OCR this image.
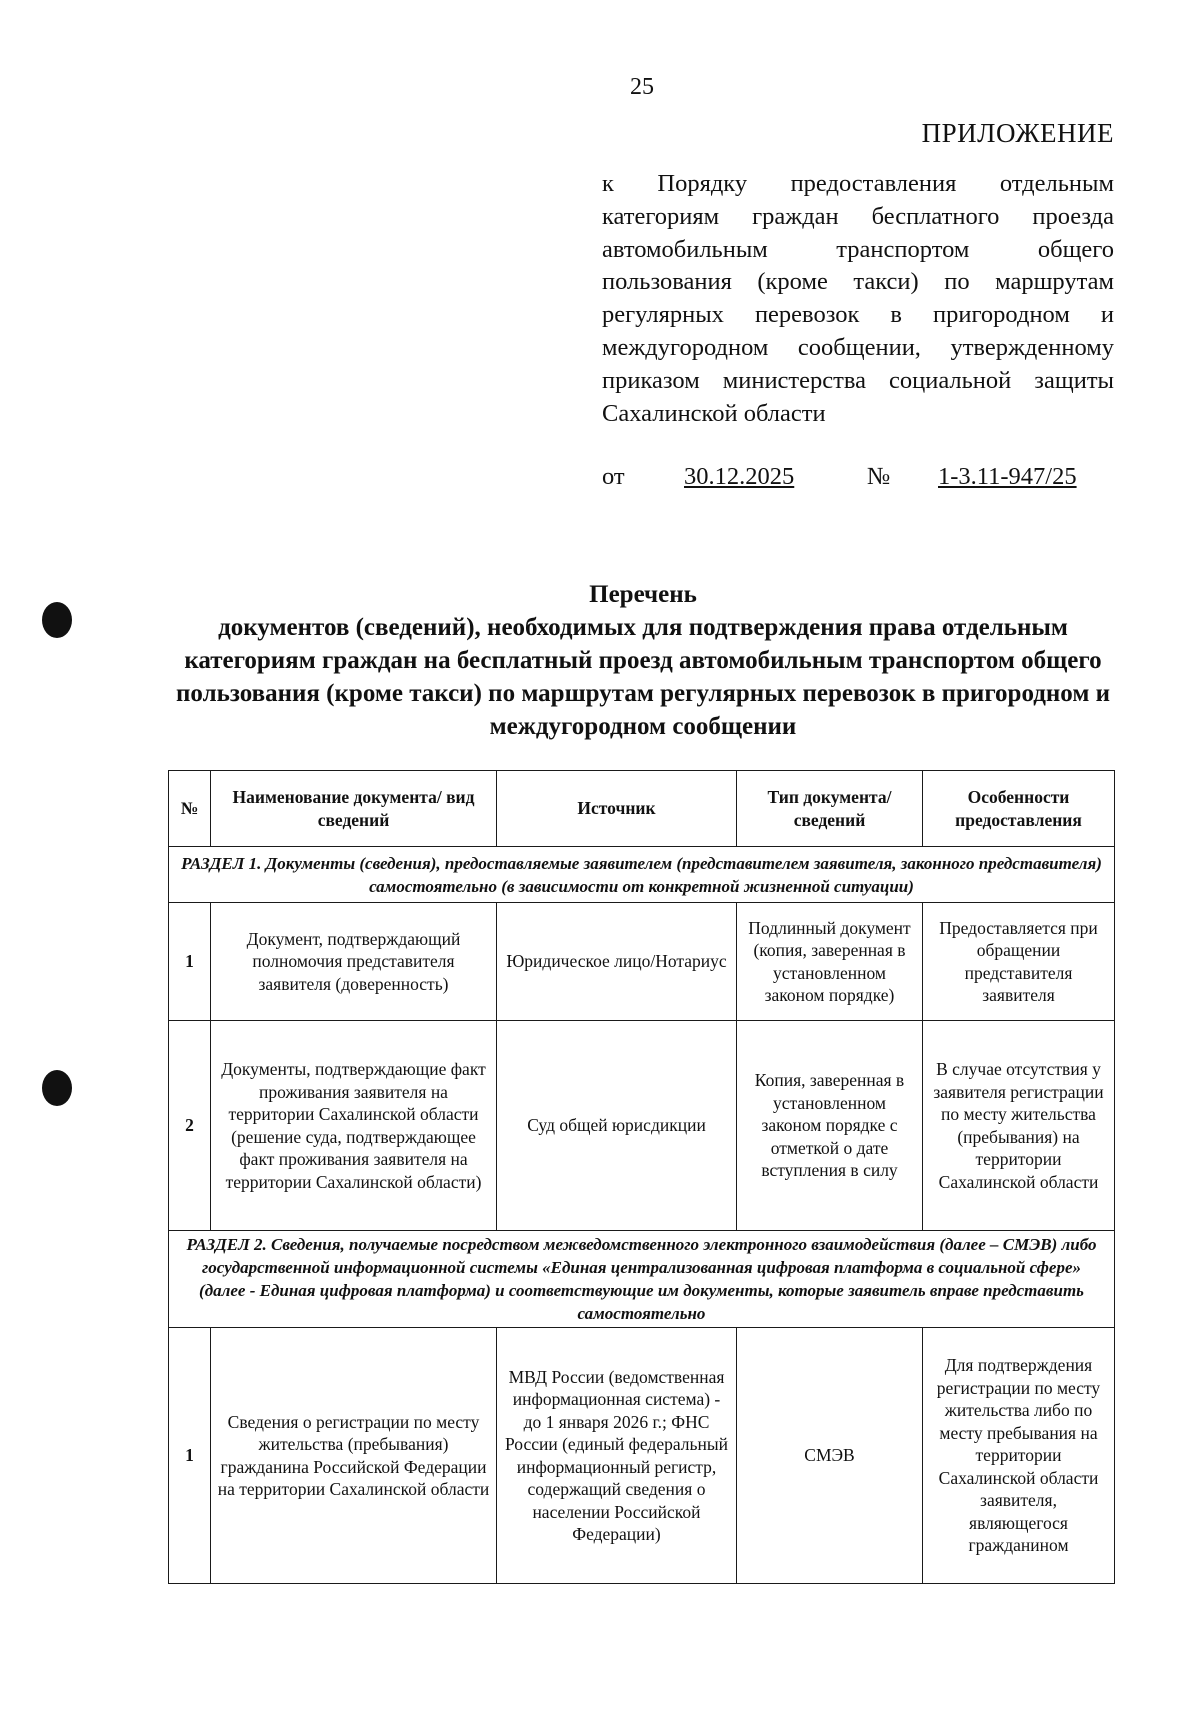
25
ПРИЛОЖЕНИЕ
к Порядку предоставления отдельным категориям граждан бесплатного проезда автомобильным транспортом общего пользования (кроме такси) по маршрутам регулярных перевозок в пригородном и междугородном сообщении, утвержденному приказом министерства социальной защиты Сахалинской области
от 30.12.2025	№ 1-3.11-947/25
Перечень
документов (сведений), необходимых для подтверждения права отдельным категориям граждан на бесплатный проезд автомобильным транспортом общего пользования (кроме такси) по маршрутам регулярных перевозок в пригородном и междугородном сообщении
№	Наименование документа/ вид сведений	Источник	Тип документа/ сведений	Особенности предоставления
РАЗДЕЛ 1. Документы (сведения), предоставляемые заявителем (представителем заявителя, законного представителя) самостоятельно (в зависимости от конкретной жизненной ситуации)				
1	Документ, подтверждающий полномочия представителя заявителя (доверенность)	Юридическое лицо/Нотариус	Подлинный документ (копия, заверенная в установленном законом порядке)	Предоставляется при обращении представителя заявителя
2	Документы, подтверждающие факт проживания заявителя на территории Сахалинской области (решение суда, подтверждающее факт проживания заявителя на территории Сахалинской области)	Суд общей юрисдикции	Копия, заверенная в установленном законом порядке с отметкой о дате вступления в силу	В случае отсутствия у заявителя регистрации по месту жительства (пребывания) на территории Сахалинской области
РАЗДЕЛ 2. Сведения, получаемые посредством межведомственного электронного взаимодействия (далее – СМЭВ) либо государственной информационной системы «Единая централизованная цифровая платформа в социальной сфере» (далее - Единая цифровая платформа) и соответствующие им документы, которые заявитель вправе представить самостоятельно				
1	Сведения о регистрации по месту жительства (пребывания) гражданина Российской Федерации на территории Сахалинской области	МВД России (ведомственная информационная система) - до 1 января 2026 г.; ФНС России (единый федеральный информационный регистр, содержащий сведения о населении Российской Федерации)	СМЭВ	Для подтверждения регистрации по месту жительства либо по месту пребывания на территории Сахалинской области заявителя, являющегося гражданином
